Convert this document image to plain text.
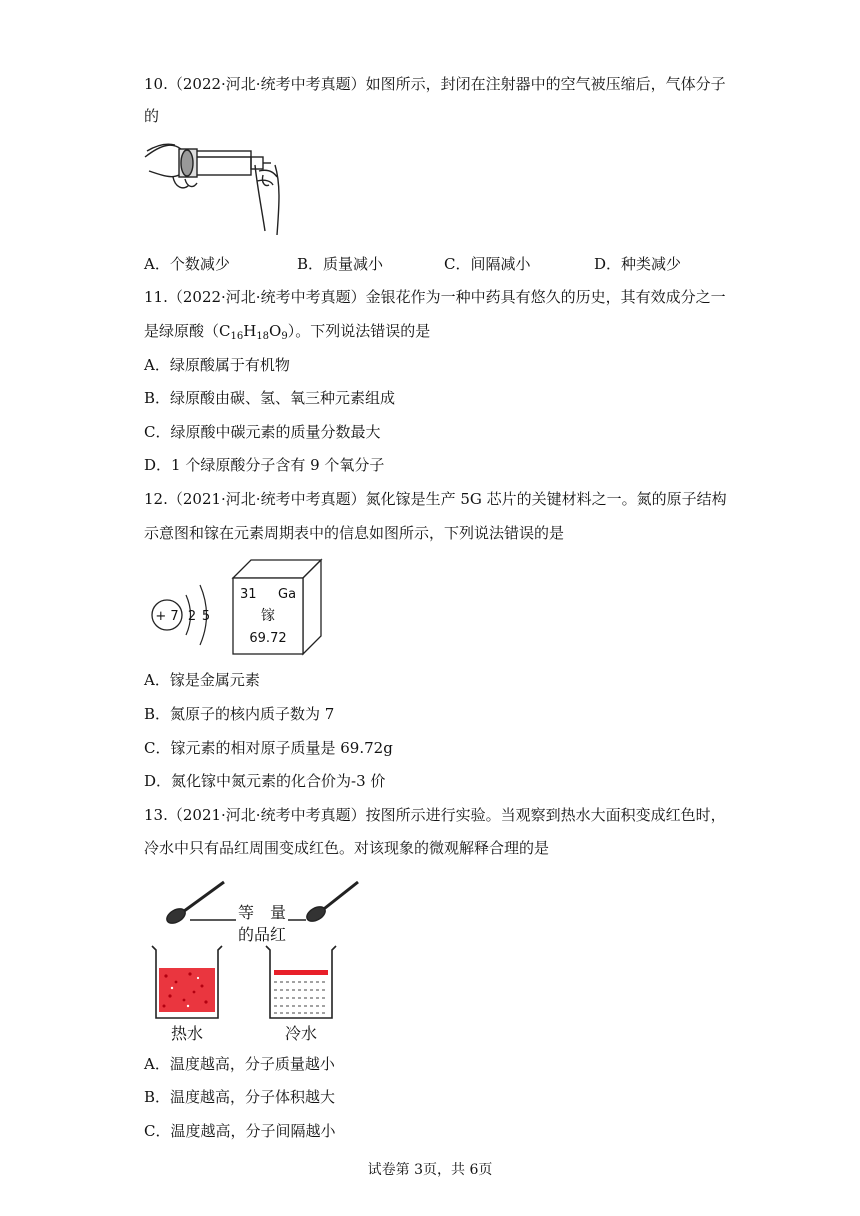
10.（2022·河北·统考中考真题）如图所示，封闭在注射器中的空气被压缩后，气体分子
的
A．个数减少	B．质量减小	C．间隔减小	D．种类减少
11.（2022·河北·统考中考真题）金银花作为一种中药具有悠久的历史，其有效成分之一
是绿原酸$(C_{16}H_{18}O_9)$。下列说法错误的是
A．绿原酸属于有机物
B．绿原酸由碳、氢、氧三种元素组成
C．绿原酸中碳元素的质量分数最大
D．1 个绿原酸分子含有 9 个氧分子
12.（2021·河北·统考中考真题）氮化镓是生产 5G 芯片的关键材料之一。氮的原子结构
示意图和镓在元素周期表中的信息如图所示，下列说法错误的是
+ 7 2 5
31 Ga
镓
69.72
A．镓是金属元素
B．氮原子的核内质子数为 7
C．镓元素的相对原子质量是 69.72g
D．氮化镓中氮元素的化合价为-3 价
13.（2021·河北·统考中考真题）按图所示进行实验。当观察到热水大面积变成红色时，
冷水中只有品红周围变成红色。对该现象的微观解释合理的是
等　量
的品红
热水	冷水
A．温度越高，分子质量越小
B．温度越高，分子体积越大
C．温度越高，分子间隔越小
试卷第 3页，共 6页
